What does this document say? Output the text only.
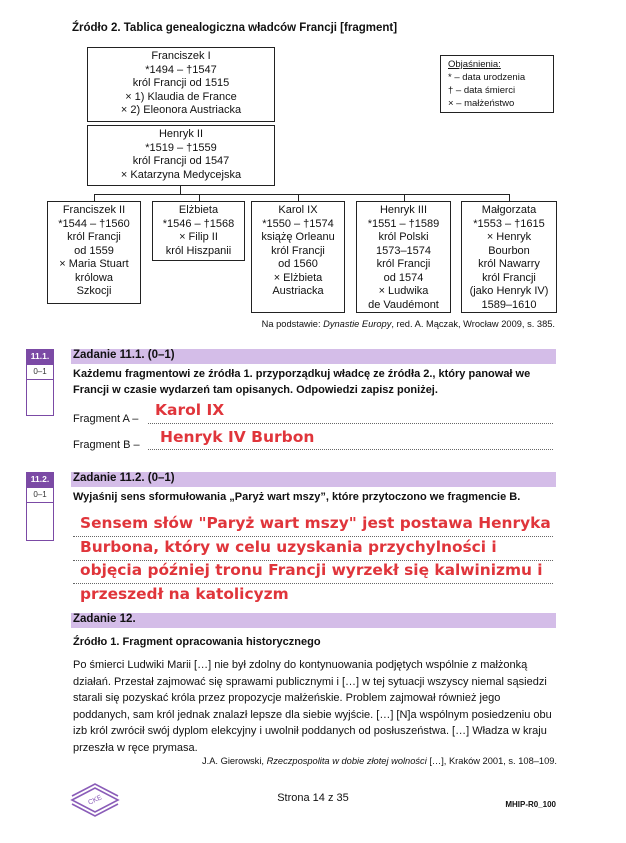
Źródło 2. Tablica genealogiczna władców Francji [fragment]
Franciszek I
*1494 – †1547
król Francji od 1515
× 1) Klaudia de France
× 2) Eleonora Austriacka
Henryk II
*1519 – †1559
król Francji od 1547
× Katarzyna Medycejska
Franciszek II
*1544 – †1560
król Francji
od 1559
× Maria Stuart
królowa
Szkocji
Elżbieta
*1546 – †1568
× Filip II
król Hiszpanii
Karol IX
*1550 – †1574
książę Orleanu
król Francji
od 1560
× Elżbieta
Austriacka
Henryk III
*1551 – †1589
król Polski
1573–1574
król Francji
od 1574
× Ludwika
de Vaudémont
Małgorzata
*1553 – †1615
× Henryk
Bourbon
król Nawarry
król Francji
(jako Henryk IV)
1589–1610
Objaśnienia:
* – data urodzenia
† – data śmierci
× – małżeństwo
Na podstawie: Dynastie Europy, red. A. Mączak, Wrocław 2009, s. 385.
11.1.
0–1
Zadanie 11.1. (0–1)
Każdemu fragmentowi ze źródła 1. przyporządkuj władcę ze źródła 2., który panował we Francji w czasie wydarzeń tam opisanych. Odpowiedzi zapisz poniżej.
Fragment A – Karol IX
Fragment B – Henryk IV Burbon
11.2.
0–1
Zadanie 11.2. (0–1)
Wyjaśnij sens sformułowania „Paryż wart mszy”, które przytoczono we fragmencie B.
Sensem słów "Paryż wart mszy" jest postawa Henryka Burbona, który w celu uzyskania przychylności i objęcia później tronu Francji wyrzekł się kalwinizmu i przeszedł na katolicyzm
Zadanie 12.
Źródło 1. Fragment opracowania historycznego
Po śmierci Ludwiki Marii […] nie był zdolny do kontynuowania podjętych wspólnie z małżonką działań. Przestał zajmować się sprawami publicznymi i […] w tej sytuacji wszyscy niemal sąsiedzi starali się pozyskać króla przez propozycje małżeńskie. Problem zajmował również jego poddanych, sam król jednak znalazł lepsze dla siebie wyjście. […] [N]a wspólnym posiedzeniu obu izb król zwrócił swój dyplom elekcyjny i uwolnił poddanych od posłuszeństwa. […] Władza w kraju przeszła w ręce prymasa.
J.A. Gierowski, Rzeczpospolita w dobie złotej wolności […], Kraków 2001, s. 108–109.
CKE	Strona 14 z 35
MHIP-R0_100
